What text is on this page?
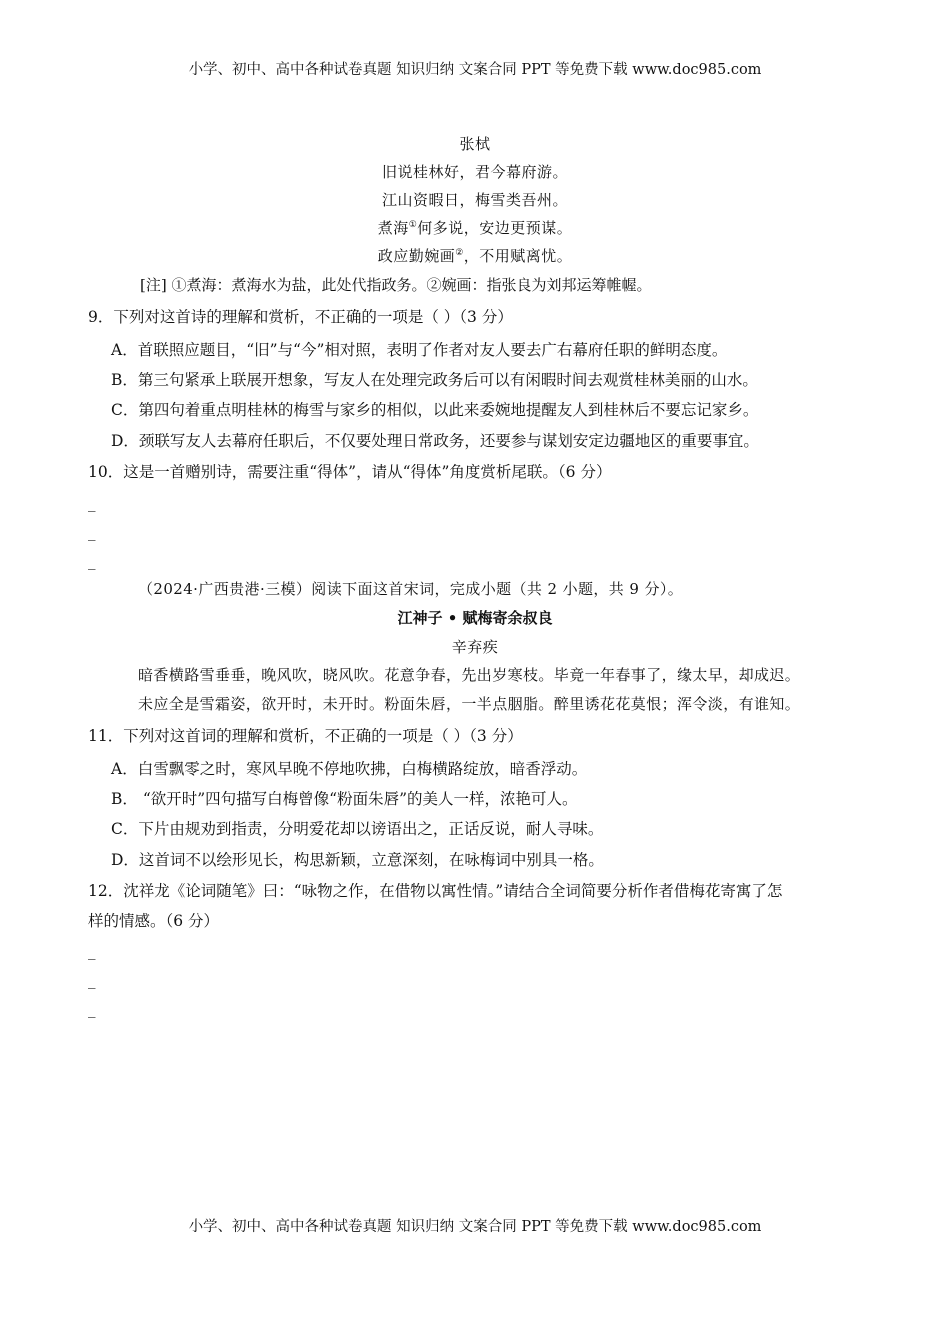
小学、初中、高中各种试卷真题 知识归纳 文案合同 PPT 等免费下载 www.doc985.com
张栻
旧说桂林好，君今幕府游。
江山资暇日，梅雪类吾州。
煮海①何多说，安边更预谋。
政应勤婉画②，不用赋离忧。
[注] ①煮海：煮海水为盐，此处代指政务。②婉画：指张良为刘邦运筹帷幄。
9．下列对这首诗的理解和赏析，不正确的一项是（ ）（3 分）
A．首联照应题目，“旧”与“今”相对照，表明了作者对友人要去广右幕府任职的鲜明态度。
B．第三句紧承上联展开想象，写友人在处理完政务后可以有闲暇时间去观赏桂林美丽的山水。
C．第四句着重点明桂林的梅雪与家乡的相似，以此来委婉地提醒友人到桂林后不要忘记家乡。
D．颈联写友人去幕府任职后，不仅要处理日常政务，还要参与谋划安定边疆地区的重要事宜。
10．这是一首赠别诗，需要注重“得体”，请从“得体”角度赏析尾联。（6 分）
_
_
_
（2024·广西贵港·三模）阅读下面这首宋词，完成小题（共 2 小题，共 9 分）。
江神子 • 赋梅寄余叔良
辛弃疾
暗香横路雪垂垂，晚风吹，晓风吹。花意争春，先出岁寒枝。毕竟一年春事了，缘太早，却成迟。
未应全是雪霜姿，欲开时，未开时。粉面朱唇，一半点胭脂。醉里诱花花莫恨；浑令淡，有谁知。
11．下列对这首词的理解和赏析，不正确的一项是（ ）（3 分）
A．白雪飘零之时，寒风早晚不停地吹拂，白梅横路绽放，暗香浮动。
B． “欲开时”四句描写白梅曾像“粉面朱唇”的美人一样，浓艳可人。
C．下片由规劝到指责，分明爱花却以谤语出之，正话反说，耐人寻味。
D．这首词不以绘形见长，构思新颖，立意深刻，在咏梅词中别具一格。
12．沈祥龙《论词随笔》曰：“咏物之作，在借物以寓性情。”请结合全词简要分析作者借梅花寄寓了怎
样的情感。（6 分）
_
_
_
小学、初中、高中各种试卷真题 知识归纳 文案合同 PPT 等免费下载 www.doc985.com
